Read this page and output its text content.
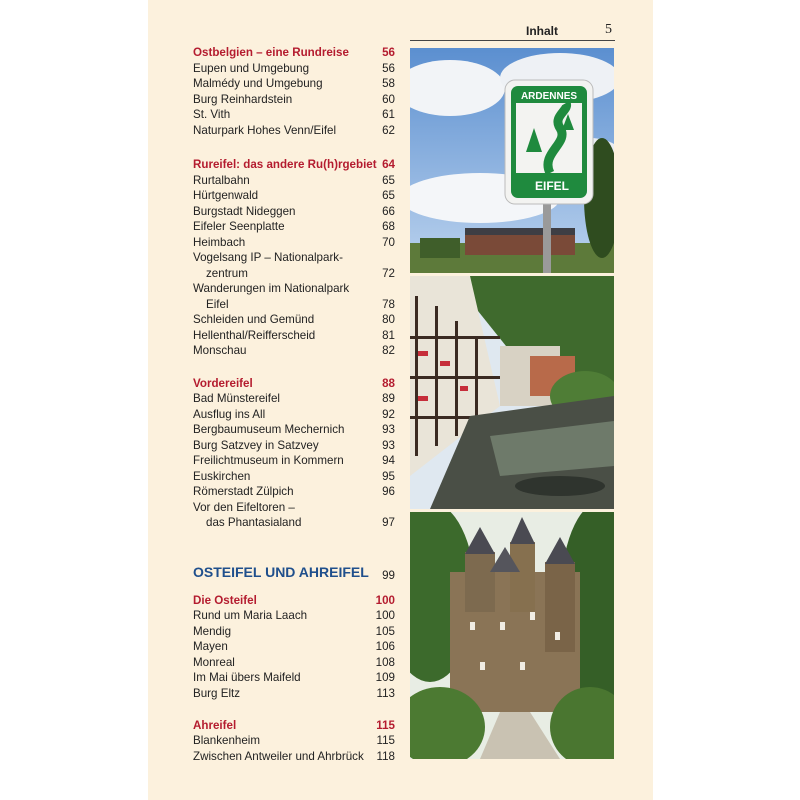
Inhalt	5
Ostbelgien – eine Rundreise	56
Eupen und Umgebung	56
Malmédy und Umgebung	58
Burg Reinhardstein	60
St. Vith	61
Naturpark Hohes Venn/Eifel	62
Rureifel: das andere Ru(h)rgebiet 64
Rurtalbahn	65
Hürtgenwald	65
Burgstadt Nideggen	66
Eifeler Seenplatte	68
Heimbach	70
Vogelsang IP – Nationalpark-
zentrum	72
Wanderungen im Nationalpark
Eifel	78
Schleiden und Gemünd	80
Hellenthal/Reifferscheid	81
Monschau	82
Vordereifel	88
Bad Münstereifel	89
Ausflug ins All	92
Bergbaumuseum Mechernich	93
Burg Satzvey in Satzvey	93
Freilichtmuseum in Kommern	94
Euskirchen	95
Römerstadt Zülpich	96
Vor den Eifeltoren –
das Phantasialand	97
OSTEIFEL UND AHREIFEL 99
Die Osteifel	100
Rund um Maria Laach	100
Mendig	105
Mayen	106
Monreal	108
Im Mai übers Maifeld	109
Burg Eltz	113
Ahreifel	115
Blankenheim	115
Zwischen Antweiler und Ahrbrück 118
ARDENNES
EIFEL
